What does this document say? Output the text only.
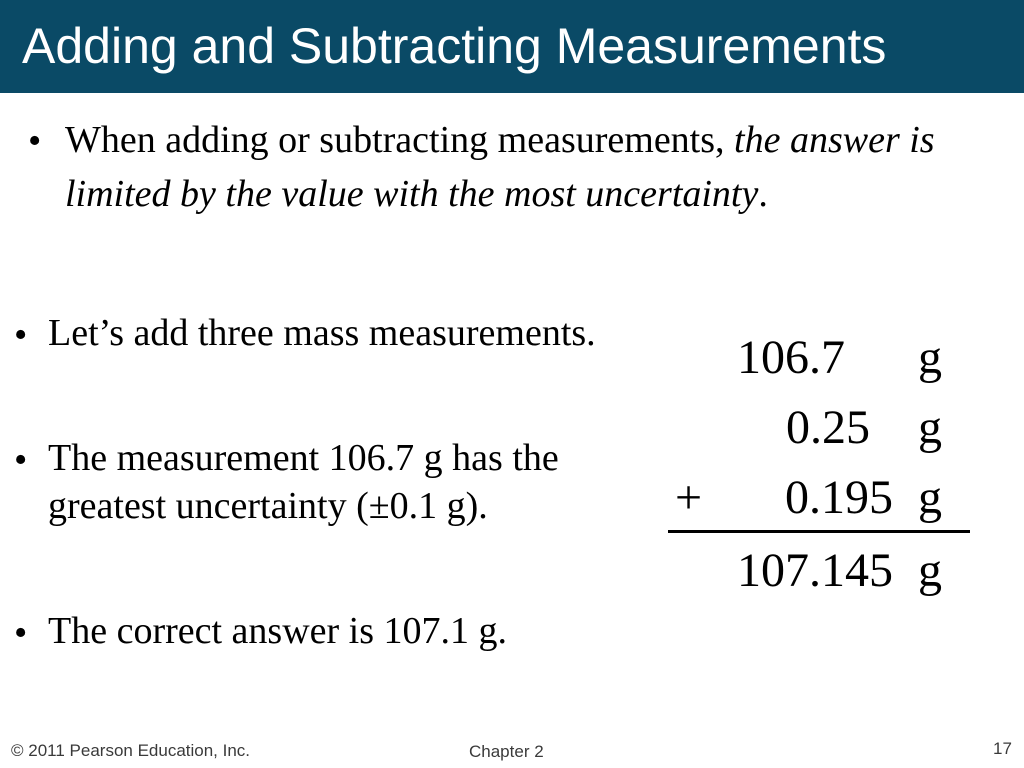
Adding and Subtracting Measurements
• When adding or subtracting measurements, the answer is limited by the value with the most uncertainty.
• Let’s add three mass measurements.
• The measurement 106.7 g has the greatest uncertainty (±0.1 g).
• The correct answer is 107.1 g.
106.7 g
0.25 g
+ 0.195 g
107.145 g
© 2011 Pearson Education, Inc.	Chapter 2	17
